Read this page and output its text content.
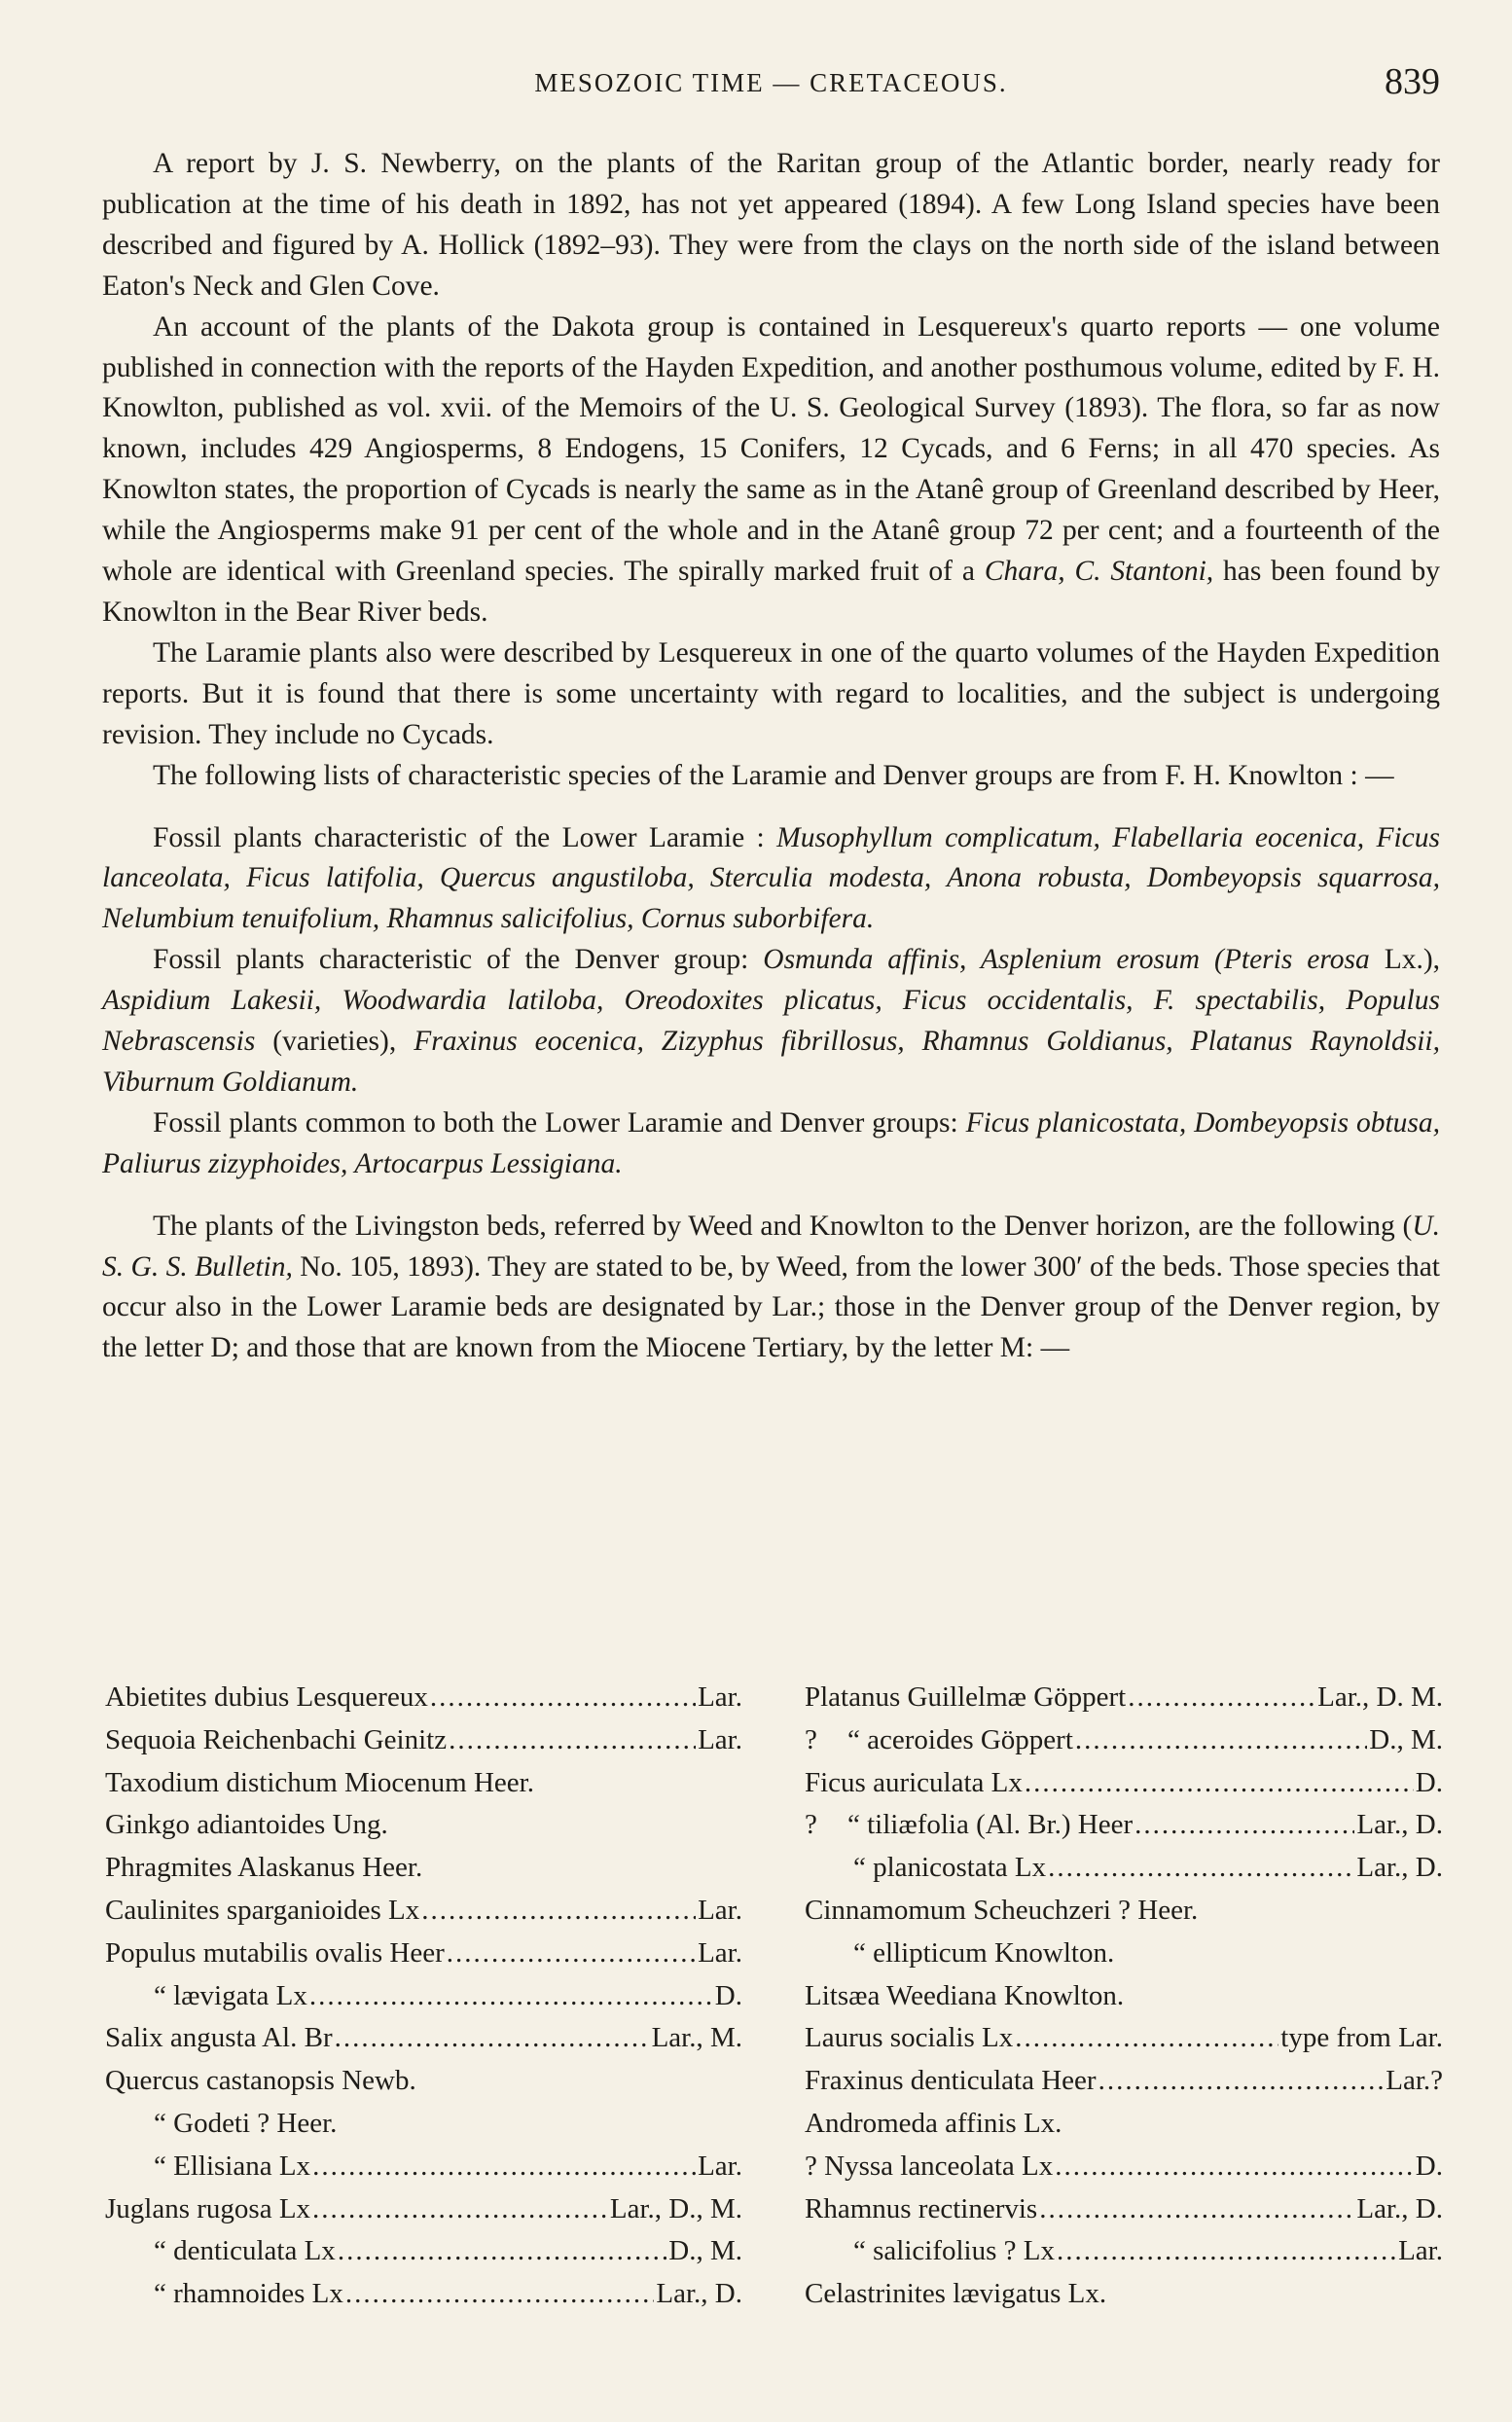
MESOZOIC TIME — CRETACEOUS.	839

A report by J. S. Newberry, on the plants of the Raritan group of the Atlantic border, nearly ready for publication at the time of his death in 1892, has not yet appeared (1894). A few Long Island species have been described and figured by A. Hollick (1892–93). They were from the clays on the north side of the island between Eaton's Neck and Glen Cove.

An account of the plants of the Dakota group is contained in Lesquereux's quarto reports — one volume published in connection with the reports of the Hayden Expedition, and another posthumous volume, edited by F. H. Knowlton, published as vol. xvii. of the Memoirs of the U. S. Geological Survey (1893). The flora, so far as now known, includes 429 Angiosperms, 8 Endogens, 15 Conifers, 12 Cycads, and 6 Ferns; in all 470 species. As Knowlton states, the proportion of Cycads is nearly the same as in the Atanê group of Greenland described by Heer, while the Angiosperms make 91 per cent of the whole and in the Atanê group 72 per cent; and a fourteenth of the whole are identical with Greenland species. The spirally marked fruit of a Chara, C. Stantoni, has been found by Knowlton in the Bear River beds.

The Laramie plants also were described by Lesquereux in one of the quarto volumes of the Hayden Expedition reports. But it is found that there is some uncertainty with regard to localities, and the subject is undergoing revision. They include no Cycads.

The following lists of characteristic species of the Laramie and Denver groups are from F. H. Knowlton : —

Fossil plants characteristic of the Lower Laramie : Musophyllum complicatum, Flabellaria eocenica, Ficus lanceolata, Ficus latifolia, Quercus angustiloba, Sterculia modesta, Anona robusta, Dombeyopsis squarrosa, Nelumbium tenuifolium, Rhamnus salicifolius, Cornus suborbifera.

Fossil plants characteristic of the Denver group: Osmunda affinis, Asplenium erosum (Pteris erosa Lx.), Aspidium Lakesii, Woodwardia latiloba, Oreodoxites plicatus, Ficus occidentalis, F. spectabilis, Populus Nebrascensis (varieties), Fraxinus eocenica, Zizyphus fibrillosus, Rhamnus Goldianus, Platanus Raynoldsii, Viburnum Goldianum.

Fossil plants common to both the Lower Laramie and Denver groups: Ficus planicostata, Dombeyopsis obtusa, Paliurus zizyphoides, Artocarpus Lessigiana.

The plants of the Livingston beds, referred by Weed and Knowlton to the Denver horizon, are the following (U. S. G. S. Bulletin, No. 105, 1893). They are stated to be, by Weed, from the lower 300′ of the beds. Those species that occur also in the Lower Laramie beds are designated by Lar.; those in the Denver group of the Denver region, by the letter D; and those that are known from the Miocene Tertiary, by the letter M: —

Abietites dubius Lesquereux .....	Lar.
Sequoia Reichenbachi Geinitz .....	Lar.
Taxodium distichum Miocenum Heer.
Ginkgo adiantoides Ung.
Phragmites Alaskanus Heer.
Caulinites sparganioides Lx .....	Lar.
Populus mutabilis ovalis Heer .....	Lar.
“ lævigata Lx .....	D.
Salix angusta Al. Br .....	Lar., M.
Quercus castanopsis Newb.
“ Godeti ? Heer.
“ Ellisiana Lx .....	Lar.
Juglans rugosa Lx .....	Lar., D., M.
“ denticulata Lx .....	D., M.
“ rhamnoides Lx .....	Lar., D.
Platanus Guillelmæ Göppert .....	Lar., D. M.
?	“ aceroides Göppert .....	D., M.
Ficus auriculata Lx .....	D.
?	“ tiliæfolia (Al. Br.) Heer .....	Lar., D.
“ planicostata Lx .....	Lar., D.
Cinnamomum Scheuchzeri ? Heer.
“ ellipticum Knowlton.
Litsæa Weediana Knowlton.
Laurus socialis Lx .....	type from Lar.
Fraxinus denticulata Heer .....	Lar.?
Andromeda affinis Lx.
? Nyssa lanceolata Lx .....	D.
Rhamnus rectinervis .....	Lar., D.
“ salicifolius ? Lx .....	Lar.
Celastrinites lævigatus Lx.
